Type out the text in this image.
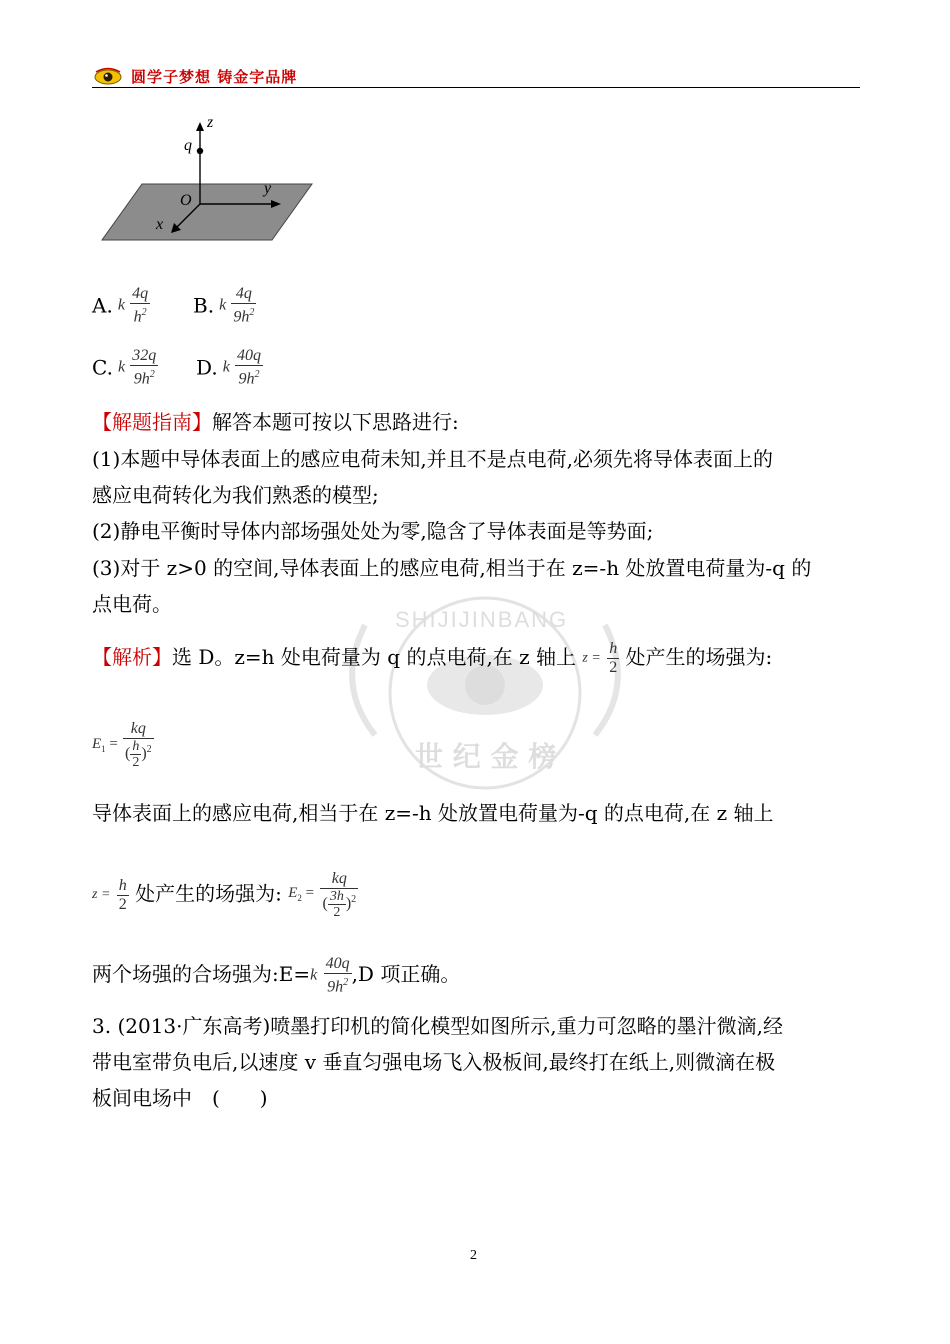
圆学子梦想 铸金字品牌
SHIJIJINBANG
世 纪 金 榜
z
q
O
y
x
A. k $\frac{4q}{h^2} B$. k $\frac{4q}{9h^2}$
C. k $\frac{32q}{9h^2} D$. k $\frac{40q}{9h^2}$
【解题指南】解答本题可按以下思路进行:
(1)本题中导体表面上的感应电荷未知,并且不是点电荷,必须先将导体表面上的
感应电荷转化为我们熟悉的模型;
(2)静电平衡时导体内部场强处处为零,隐含了导体表面是等势面;
(3)对于 z>0 的空间,导体表面上的感应电荷,相当于在 z=-h 处放置电荷量为-q 的
点电荷。
【解析】选 D。z=h 处电荷量为 q 的点电荷,在 z 轴上 $z = \frac{h}{2}$ 处产生的场强为:
$E_1 = \frac{kq}{( \frac{h}{2} )^2}$
导体表面上的感应电荷,相当于在 z=-h 处放置电荷量为-q 的点电荷,在 z 轴上
$z = \frac{h}{2}$ 处产生的场强为: $E_2 = \frac{kq}{( \frac{3h}{2} )^2}$
两个场强的合场强为:E=k $\frac{40q}{9h^2} ,D$ 项正确。
3. (2013·广东高考)喷墨打印机的简化模型如图所示,重力可忽略的墨汁微滴,经
带电室带负电后,以速度 v 垂直匀强电场飞入极板间,最终打在纸上,则微滴在极
板间电场中　(　　)
2
